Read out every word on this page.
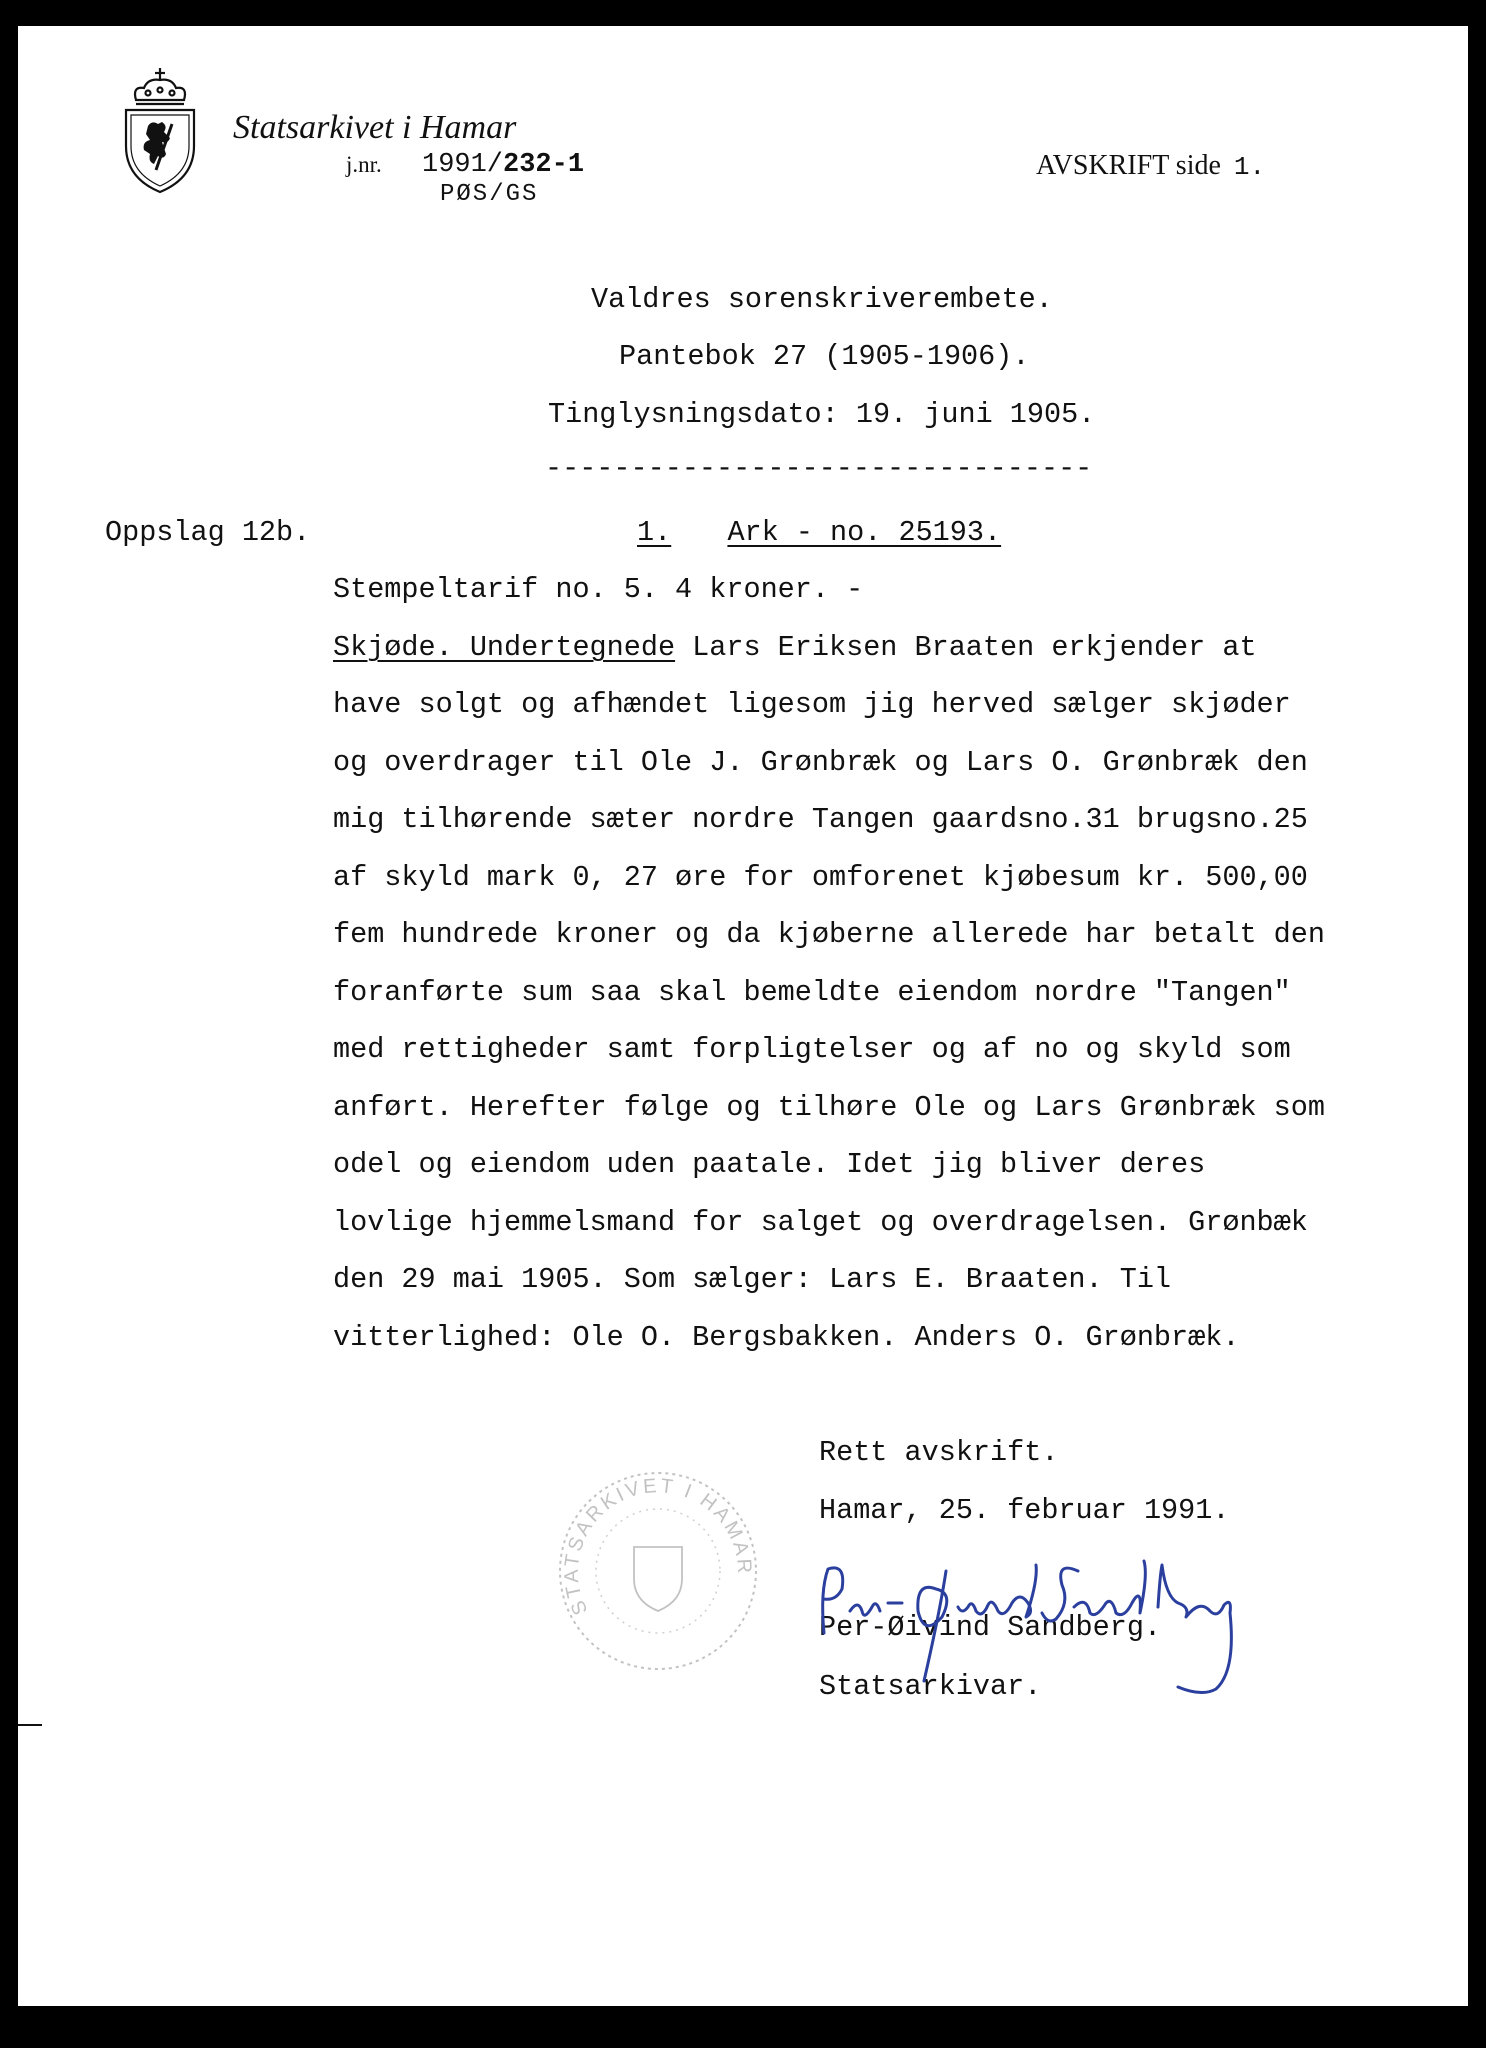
Statsarkivet i Hamar
j.nr. 1991/232-1
PØS/GS
AVSKRIFT side 1.
Valdres sorenskriverembete.
Pantebok 27 (1905-1906).
Tinglysningsdato: 19. juni 1905.
--------------------------------
Oppslag 12b.	1. Ark - no. 25193.
Stempeltarif no. 5. 4 kroner. -
Skjøde. Undertegnede Lars Eriksen Braaten erkjender at
have solgt og afhændet ligesom jig herved sælger skjøder
og overdrager til Ole J. Grønbræk og Lars O. Grønbræk den
mig tilhørende sæter nordre Tangen gaardsno.31 brugsno.25
af skyld mark 0, 27 øre for omforenet kjøbesum kr. 500,00
fem hundrede kroner og da kjøberne allerede har betalt den
foranførte sum saa skal bemeldte eiendom nordre "Tangen"
med rettigheder samt forpligtelser og af no og skyld som
anført. Herefter følge og tilhøre Ole og Lars Grønbræk som
odel og eiendom uden paatale. Idet jig bliver deres
lovlige hjemmelsmand for salget og overdragelsen. Grønbæk
den 29 mai 1905. Som sælger: Lars E. Braaten. Til
vitterlighed: Ole O. Bergsbakken. Anders O. Grønbræk.
Rett avskrift.
Hamar, 25. februar 1991.
STATSARKIVET I HAMAR
Per-Øivind Sandberg.
Statsarkivar.
